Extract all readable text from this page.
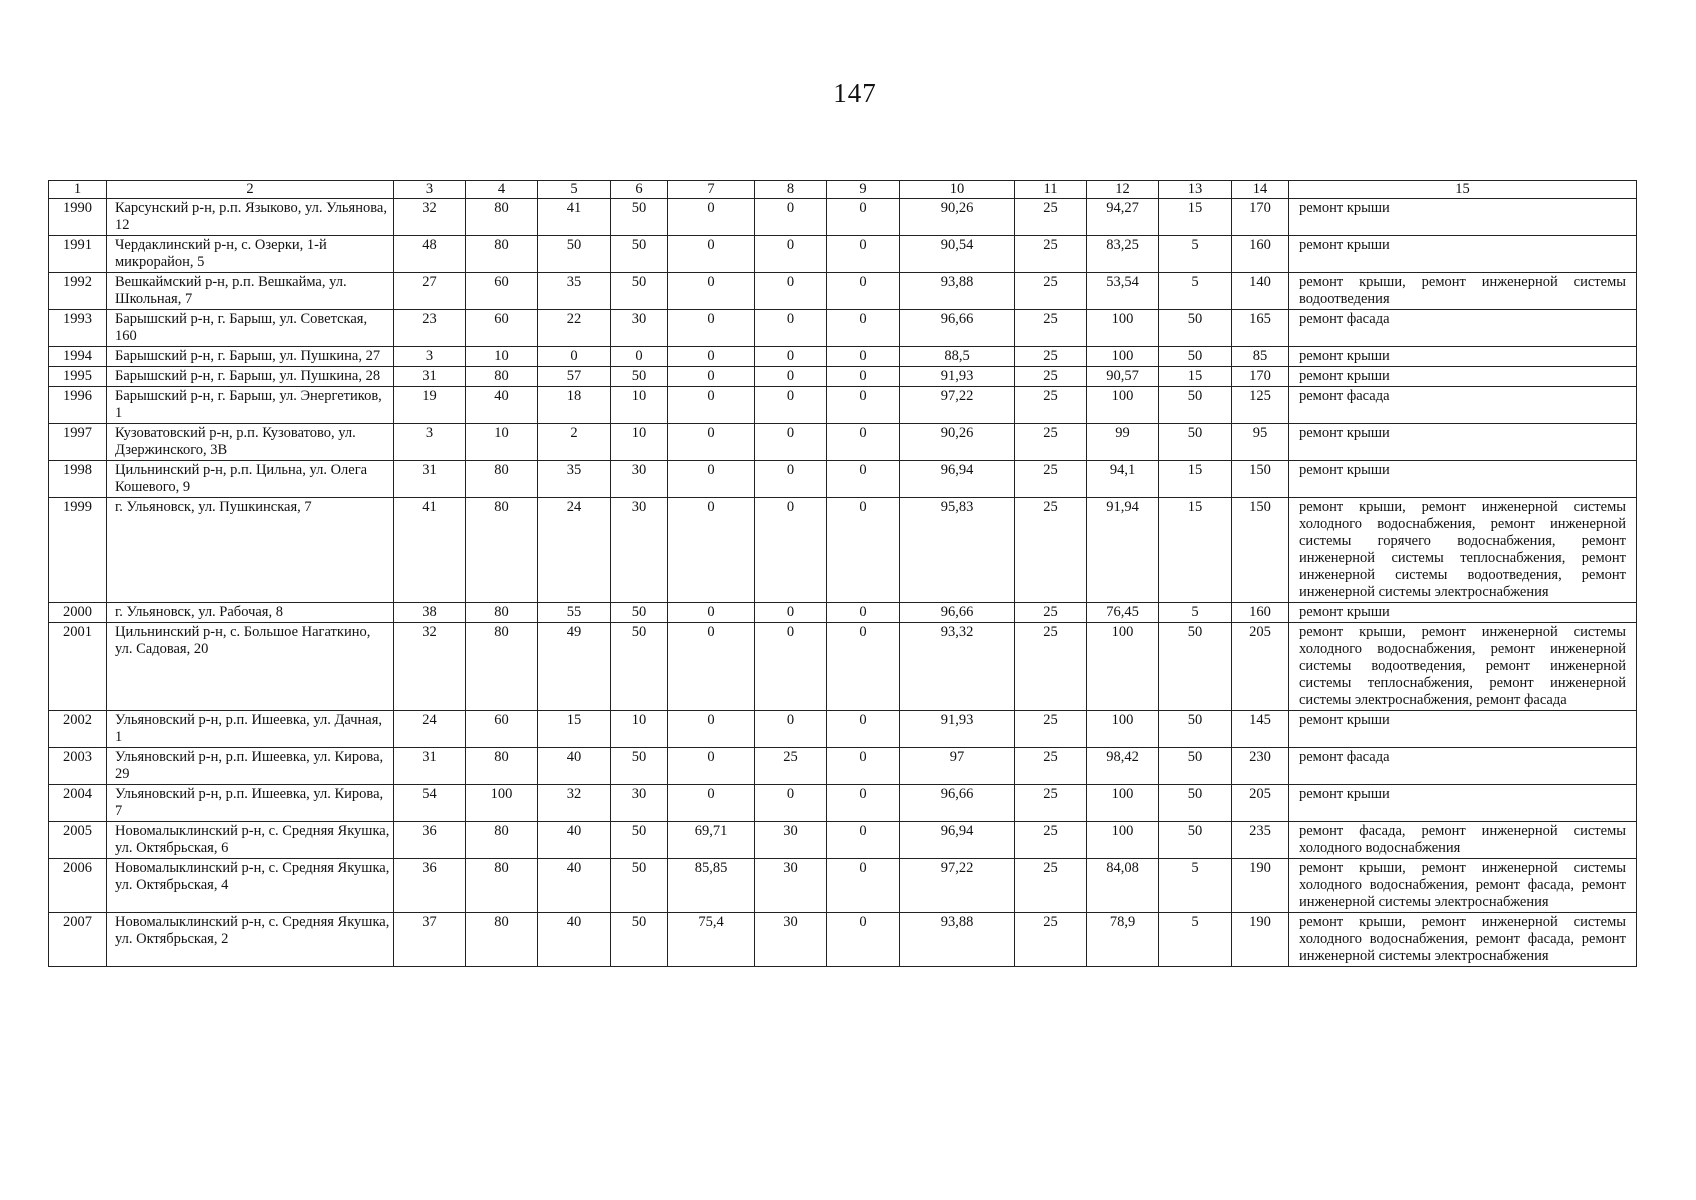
147
1	2	3	4	5	6	7	8	9	10	11	12	13	14	15
1990	Карсунский р-н, р.п. Языково, ул. Ульянова, 12	32	80	41	50	0	0	0	90,26	25	94,27	15	170	ремонт крыши
1991	Чердаклинский р-н, с. Озерки, 1-й микрорайон, 5	48	80	50	50	0	0	0	90,54	25	83,25	5	160	ремонт крыши
1992	Вешкаймский р-н, р.п. Вешкайма, ул. Школьная, 7	27	60	35	50	0	0	0	93,88	25	53,54	5	140	ремонт крыши, ремонт инженерной системы водоотведения
1993	Барышский р-н, г. Барыш, ул. Советская, 160	23	60	22	30	0	0	0	96,66	25	100	50	165	ремонт фасада
1994	Барышский р-н, г. Барыш, ул. Пушкина, 27	3	10	0	0	0	0	0	88,5	25	100	50	85	ремонт крыши
1995	Барышский р-н, г. Барыш, ул. Пушкина, 28	31	80	57	50	0	0	0	91,93	25	90,57	15	170	ремонт крыши
1996	Барышский р-н, г. Барыш, ул. Энергетиков, 1	19	40	18	10	0	0	0	97,22	25	100	50	125	ремонт фасада
1997	Кузоватовский р-н, р.п. Кузоватово, ул. Дзержинского, 3В	3	10	2	10	0	0	0	90,26	25	99	50	95	ремонт крыши
1998	Цильнинский р-н, р.п. Цильна, ул. Олега Кошевого, 9	31	80	35	30	0	0	0	96,94	25	94,1	15	150	ремонт крыши
1999	г. Ульяновск, ул. Пушкинская, 7	41	80	24	30	0	0	0	95,83	25	91,94	15	150	ремонт крыши, ремонт инженерной системы холодного водоснабжения, ремонт инженерной системы горячего водоснабжения, ремонт инженерной системы теплоснабжения, ремонт инженерной системы водоотведения, ремонт инженерной системы электроснабжения
2000	г. Ульяновск, ул. Рабочая, 8	38	80	55	50	0	0	0	96,66	25	76,45	5	160	ремонт крыши
2001	Цильнинский р-н, с. Большое Нагаткино, ул. Садовая, 20	32	80	49	50	0	0	0	93,32	25	100	50	205	ремонт крыши, ремонт инженерной системы холодного водоснабжения, ремонт инженерной системы водоотведения, ремонт инженерной системы теплоснабжения, ремонт инженерной системы электроснабжения, ремонт фасада
2002	Ульяновский р-н, р.п. Ишеевка, ул. Дачная, 1	24	60	15	10	0	0	0	91,93	25	100	50	145	ремонт крыши
2003	Ульяновский р-н, р.п. Ишеевка, ул. Кирова, 29	31	80	40	50	0	25	0	97	25	98,42	50	230	ремонт фасада
2004	Ульяновский р-н, р.п. Ишеевка, ул. Кирова, 7	54	100	32	30	0	0	0	96,66	25	100	50	205	ремонт крыши
2005	Новомалыклинский р-н, с. Средняя Якушка, ул. Октябрьская, 6	36	80	40	50	69,71	30	0	96,94	25	100	50	235	ремонт фасада, ремонт инженерной системы холодного водоснабжения
2006	Новомалыклинский р-н, с. Средняя Якушка, ул. Октябрьская, 4	36	80	40	50	85,85	30	0	97,22	25	84,08	5	190	ремонт крыши, ремонт инженерной системы холодного водоснабжения, ремонт фасада, ремонт инженерной системы электроснабжения
2007	Новомалыклинский р-н, с. Средняя Якушка, ул. Октябрьская, 2	37	80	40	50	75,4	30	0	93,88	25	78,9	5	190	ремонт крыши, ремонт инженерной системы холодного водоснабжения, ремонт фасада, ремонт инженерной системы электроснабжения
